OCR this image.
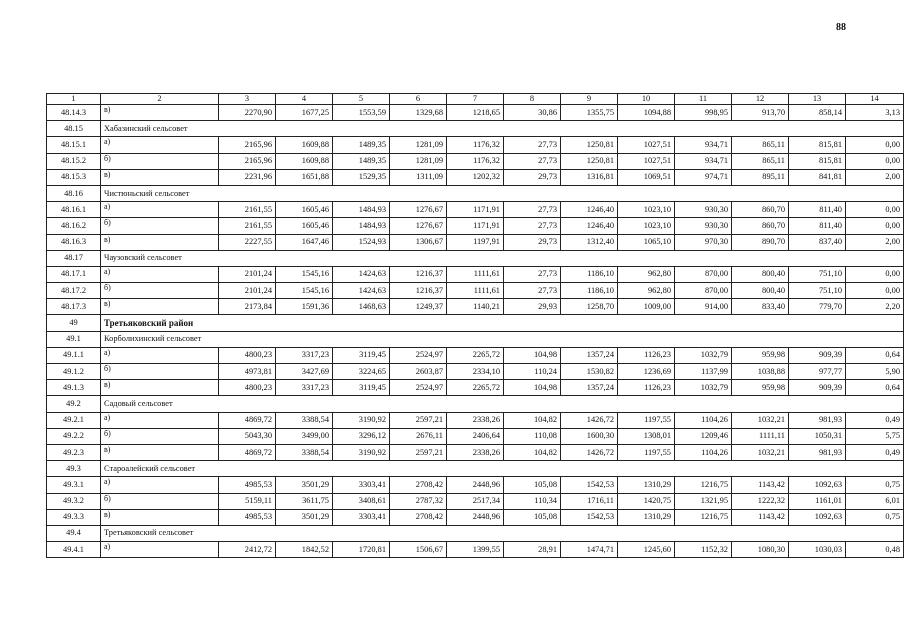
88
1	2	3	4	5	6	7	8	9	10	11	12	13	14
48.14.3	в)	2270,90	1677,25	1553,59	1329,68	1218,65	30,86	1355,75	1094,88	998,95	913,70	858,14	3,13
48.15	Хабазинский сельсовет												
48.15.1	а)	2165,96	1609,88	1489,35	1281,09	1176,32	27,73	1250,81	1027,51	934,71	865,11	815,81	0,00
48.15.2	б)	2165,96	1609,88	1489,35	1281,09	1176,32	27,73	1250,81	1027,51	934,71	865,11	815,81	0,00
48.15.3	в)	2231,96	1651,88	1529,35	1311,09	1202,32	29,73	1316,81	1069,51	974,71	895,11	841,81	2,00
48.16	Чистюньский сельсовет												
48.16.1	а)	2161,55	1605,46	1484,93	1276,67	1171,91	27,73	1246,40	1023,10	930,30	860,70	811,40	0,00
48.16.2	б)	2161,55	1605,46	1484,93	1276,67	1171,91	27,73	1246,40	1023,10	930,30	860,70	811,40	0,00
48.16.3	в)	2227,55	1647,46	1524,93	1306,67	1197,91	29,73	1312,40	1065,10	970,30	890,70	837,40	2,00
48.17	Чаузовский сельсовет												
48.17.1	а)	2101,24	1545,16	1424,63	1216,37	1111,61	27,73	1186,10	962,80	870,00	800,40	751,10	0,00
48.17.2	б)	2101,24	1545,16	1424,63	1216,37	1111,61	27,73	1186,10	962,80	870,00	800,40	751,10	0,00
48.17.3	в)	2173,84	1591,36	1468,63	1249,37	1140,21	29,93	1258,70	1009,00	914,00	833,40	779,70	2,20
49	Третьяковский район												
49.1	Корболихинский сельсовет												
49.1.1	а)	4800,23	3317,23	3119,45	2524,97	2265,72	104,98	1357,24	1126,23	1032,79	959,98	909,39	0,64
49.1.2	б)	4973,81	3427,69	3224,65	2603,87	2334,10	110,24	1530,82	1236,69	1137,99	1038,88	977,77	5,90
49.1.3	в)	4800,23	3317,23	3119,45	2524,97	2265,72	104,98	1357,24	1126,23	1032,79	959,98	909,39	0,64
49.2	Садовый сельсовет												
49.2.1	а)	4869,72	3388,54	3190,92	2597,21	2338,26	104,82	1426,72	1197,55	1104,26	1032,21	981,93	0,49
49.2.2	б)	5043,30	3499,00	3296,12	2676,11	2406,64	110,08	1600,30	1308,01	1209,46	1111,11	1050,31	5,75
49.2.3	в)	4869,72	3388,54	3190,92	2597,21	2338,26	104,82	1426,72	1197,55	1104,26	1032,21	981,93	0,49
49.3	Староалейский сельсовет												
49.3.1	а)	4985,53	3501,29	3303,41	2708,42	2448,96	105,08	1542,53	1310,29	1216,75	1143,42	1092,63	0,75
49.3.2	б)	5159,11	3611,75	3408,61	2787,32	2517,34	110,34	1716,11	1420,75	1321,95	1222,32	1161,01	6,01
49.3.3	в)	4985,53	3501,29	3303,41	2708,42	2448,96	105,08	1542,53	1310,29	1216,75	1143,42	1092,63	0,75
49.4	Третьяковский сельсовет												
49.4.1	а)	2412,72	1842,52	1720,81	1506,67	1399,55	28,91	1474,71	1245,60	1152,32	1080,30	1030,03	0,48
